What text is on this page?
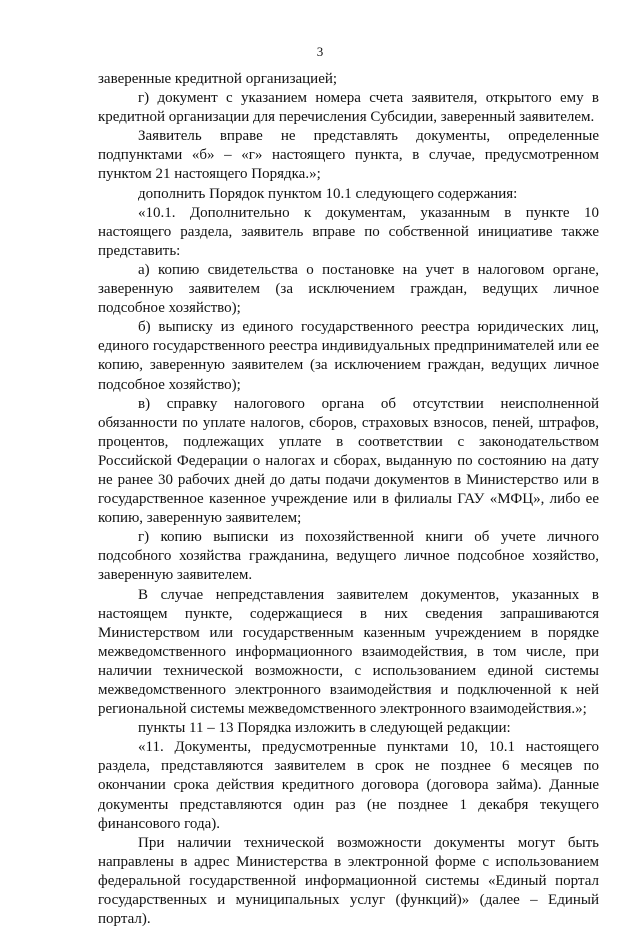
3

заверенные кредитной организацией;

г) документ с указанием номера счета заявителя, открытого ему в кредитной организации для перечисления Субсидии, заверенный заявителем.

Заявитель вправе не представлять документы, определенные подпунктами «б» – «г» настоящего пункта, в случае, предусмотренном пунктом 21 настоящего Порядка.»;

дополнить Порядок пунктом 10.1 следующего содержания:

«10.1. Дополнительно к документам, указанным в пункте 10 настоящего раздела, заявитель вправе по собственной инициативе также представить:

а) копию свидетельства о постановке на учет в налоговом органе, заверенную заявителем (за исключением граждан, ведущих личное подсобное хозяйство);

б) выписку из единого государственного реестра юридических лиц, единого государственного реестра индивидуальных предпринимателей или ее копию, заверенную заявителем (за исключением граждан, ведущих личное подсобное хозяйство);

в) справку налогового органа об отсутствии неисполненной обязанности по уплате налогов, сборов, страховых взносов, пеней, штрафов, процентов, подлежащих уплате в соответствии с законодательством Российской Федерации о налогах и сборах, выданную по состоянию на дату не ранее 30 рабочих дней до даты подачи документов в Министерство или в государственное казенное учреждение или в филиалы ГАУ «МФЦ», либо ее копию, заверенную заявителем;

г) копию выписки из похозяйственной книги об учете личного подсобного хозяйства гражданина, ведущего личное подсобное хозяйство, заверенную заявителем.

В случае непредставления заявителем документов, указанных в настоящем пункте, содержащиеся в них сведения запрашиваются Министерством или государственным казенным учреждением в порядке межведомственного информационного взаимодействия, в том числе, при наличии технической возможности, с использованием единой системы межведомственного электронного взаимодействия и подключенной к ней региональной системы межведомственного электронного взаимодействия.»;

пункты 11 – 13 Порядка изложить в следующей редакции:

«11. Документы, предусмотренные пунктами 10, 10.1 настоящего раздела, представляются заявителем в срок не позднее 6 месяцев по окончании срока действия кредитного договора (договора займа). Данные документы представляются один раз (не позднее 1 декабря текущего финансового года).

При наличии технической возможности документы могут быть направлены в адрес Министерства в электронной форме с использованием федеральной государственной информационной системы «Единый портал государственных и муниципальных услуг (функций)» (далее – Единый портал).
